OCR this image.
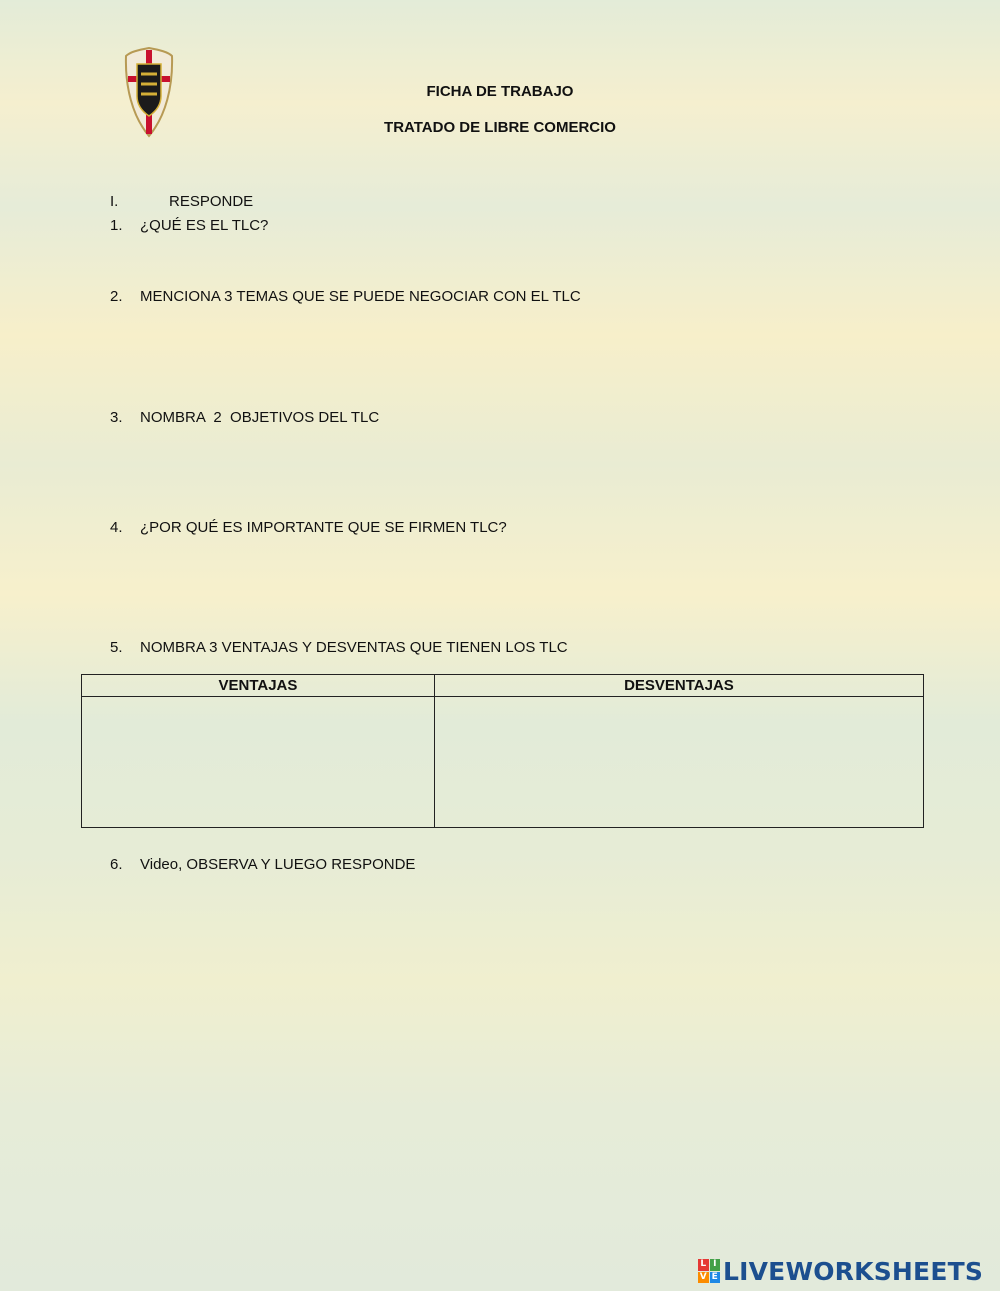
FICHA DE TRABAJO
TRATADO DE LIBRE COMERCIO
I.	RESPONDE
1. ¿QUÉ ES EL TLC?
2. MENCIONA 3 TEMAS QUE SE PUEDE NEGOCIAR CON EL TLC
3. NOMBRA  2  OBJETIVOS DEL TLC
4. ¿POR QUÉ ES IMPORTANTE QUE SE FIRMEN TLC?
5. NOMBRA 3 VENTAJAS Y DESVENTAS QUE TIENEN LOS TLC
VENTAJAS	DESVENTAJAS

6. Video, OBSERVA Y LUEGO RESPONDE
L I
V E LIVEWORKSHEETS
